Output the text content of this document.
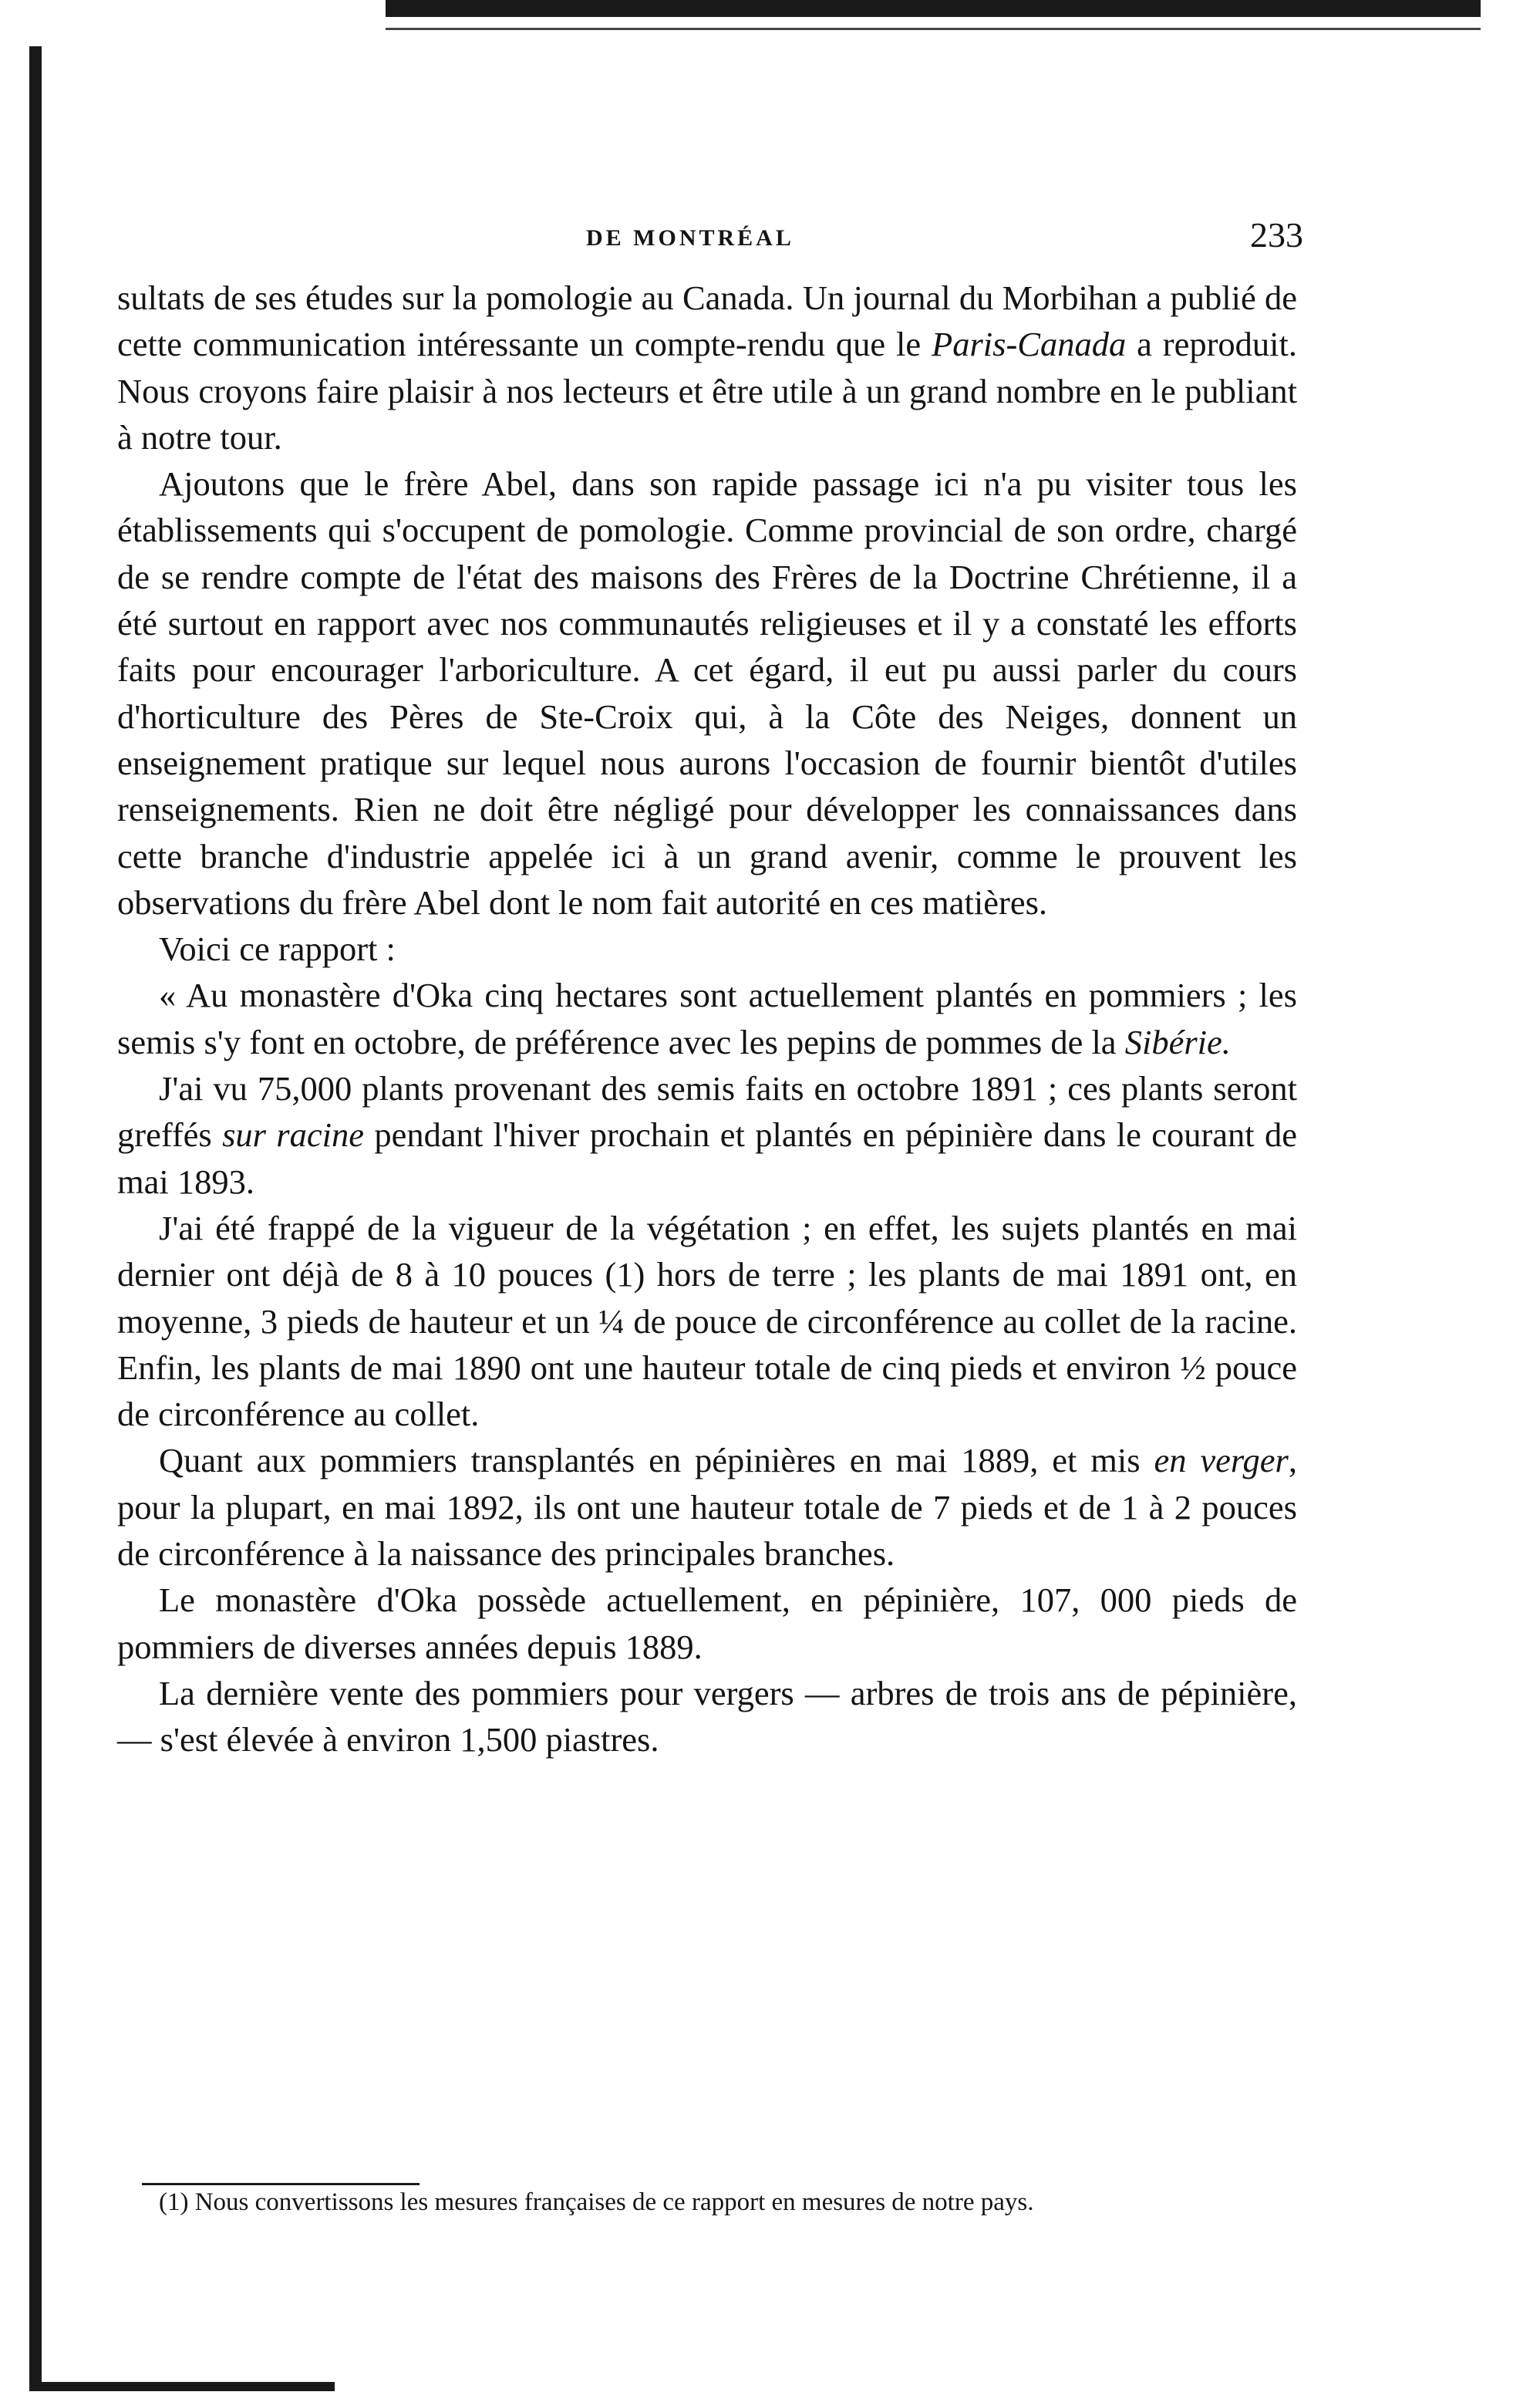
DE MONTRÉAL	233

sultats de ses études sur la pomologie au Canada. Un journal du Morbihan a publié de cette communication intéressante un compte-rendu que le Paris-Canada a reproduit. Nous croyons faire plaisir à nos lecteurs et être utile à un grand nombre en le publiant à notre tour.

Ajoutons que le frère Abel, dans son rapide passage ici n'a pu visiter tous les établissements qui s'occupent de pomologie. Comme provincial de son ordre, chargé de se rendre compte de l'état des maisons des Frères de la Doctrine Chrétienne, il a été surtout en rapport avec nos communautés religieuses et il y a constaté les efforts faits pour encourager l'arboriculture. A cet égard, il eut pu aussi parler du cours d'horticulture des Pères de Ste-Croix qui, à la Côte des Neiges, donnent un enseignement pratique sur lequel nous aurons l'occasion de fournir bientôt d'utiles renseignements. Rien ne doit être négligé pour développer les connaissances dans cette branche d'industrie appelée ici à un grand avenir, comme le prouvent les observations du frère Abel dont le nom fait autorité en ces matières.

Voici ce rapport :

« Au monastère d'Oka cinq hectares sont actuellement plantés en pommiers ; les semis s'y font en octobre, de préférence avec les pepins de pommes de la Sibérie.

J'ai vu 75,000 plants provenant des semis faits en octobre 1891 ; ces plants seront greffés sur racine pendant l'hiver prochain et plantés en pépinière dans le courant de mai 1893.

J'ai été frappé de la vigueur de la végétation ; en effet, les sujets plantés en mai dernier ont déjà de 8 à 10 pouces (1) hors de terre ; les plants de mai 1891 ont, en moyenne, 3 pieds de hauteur et un ¼ de pouce de circonférence au collet de la racine. Enfin, les plants de mai 1890 ont une hauteur totale de cinq pieds et environ ½ pouce de circonférence au collet.

Quant aux pommiers transplantés en pépinières en mai 1889, et mis en verger, pour la plupart, en mai 1892, ils ont une hauteur totale de 7 pieds et de 1 à 2 pouces de circonférence à la naissance des principales branches.

Le monastère d'Oka possède actuellement, en pépinière, 107, 000 pieds de pommiers de diverses années depuis 1889.

La dernière vente des pommiers pour vergers — arbres de trois ans de pépinière, — s'est élevée à environ 1,500 piastres.

(1) Nous convertissons les mesures françaises de ce rapport en mesures de notre pays.
